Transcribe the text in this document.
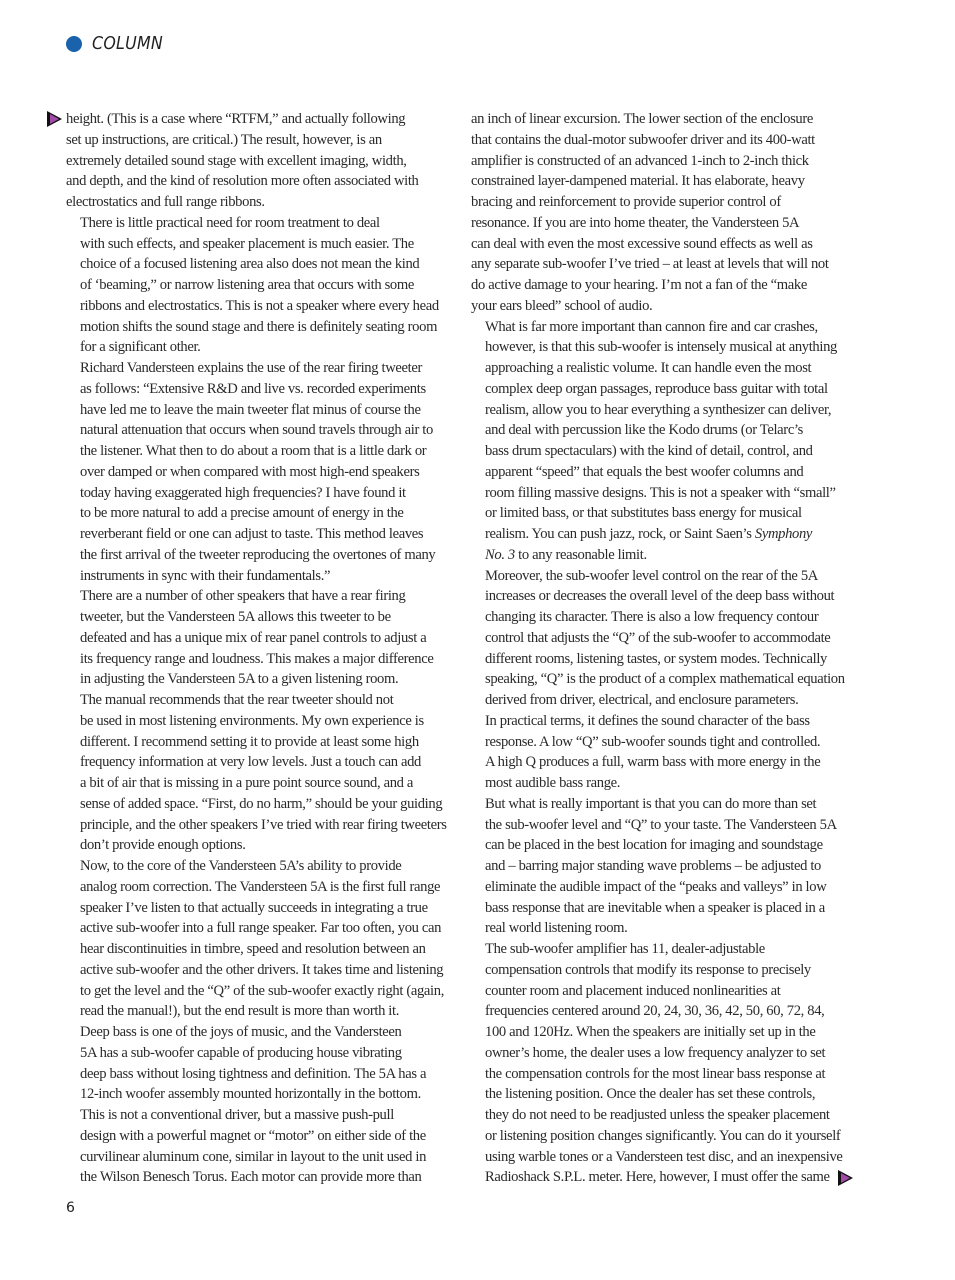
COLUMN

height. (This is a case where “RTFM,” and actually following
set up instructions, are critical.) The result, however, is an
extremely detailed sound stage with excellent imaging, width,
and depth, and the kind of resolution more often associated with
electrostatics and full range ribbons.

There is little practical need for room treatment to deal
with such effects, and speaker placement is much easier. The
choice of a focused listening area also does not mean the kind
of ‘beaming,” or narrow listening area that occurs with some
ribbons and electrostatics. This is not a speaker where every head
motion shifts the sound stage and there is definitely seating room
for a significant other.

Richard Vandersteen explains the use of the rear firing tweeter
as follows: “Extensive R&D and live vs. recorded experiments
have led me to leave the main tweeter flat minus of course the
natural attenuation that occurs when sound travels through air to
the listener. What then to do about a room that is a little dark or
over damped or when compared with most high-end speakers
today having exaggerated high frequencies? I have found it
to be more natural to add a precise amount of energy in the
reverberant field or one can adjust to taste. This method leaves
the first arrival of the tweeter reproducing the overtones of many
instruments in sync with their fundamentals.”

There are a number of other speakers that have a rear firing
tweeter, but the Vandersteen 5A allows this tweeter to be
defeated and has a unique mix of rear panel controls to adjust a
its frequency range and loudness. This makes a major difference
in adjusting the Vandersteen 5A to a given listening room.

The manual recommends that the rear tweeter should not
be used in most listening environments. My own experience is
different. I recommend setting it to provide at least some high
frequency information at very low levels. Just a touch can add
a bit of air that is missing in a pure point source sound, and a
sense of added space. “First, do no harm,” should be your guiding
principle, and the other speakers I’ve tried with rear firing tweeters
don’t provide enough options.

Now, to the core of the Vandersteen 5A’s ability to provide
analog room correction. The Vandersteen 5A is the first full range
speaker I’ve listen to that actually succeeds in integrating a true
active sub-woofer into a full range speaker. Far too often, you can
hear discontinuities in timbre, speed and resolution between an
active sub-woofer and the other drivers. It takes time and listening
to get the level and the “Q” of the sub-woofer exactly right (again,
read the manual!), but the end result is more than worth it.

Deep bass is one of the joys of music, and the Vandersteen
5A has a sub-woofer capable of producing house vibrating
deep bass without losing tightness and definition. The 5A has a
12-inch woofer assembly mounted horizontally in the bottom.
This is not a conventional driver, but a massive push-pull
design with a powerful magnet or “motor” on either side of the
curvilinear aluminum cone, similar in layout to the unit used in
the Wilson Benesch Torus. Each motor can provide more than

an inch of linear excursion. The lower section of the enclosure
that contains the dual-motor subwoofer driver and its 400-watt
amplifier is constructed of an advanced 1-inch to 2-inch thick
constrained layer-dampened material. It has elaborate, heavy
bracing and reinforcement to provide superior control of
resonance. If you are into home theater, the Vandersteen 5A
can deal with even the most excessive sound effects as well as
any separate sub-woofer I’ve tried – at least at levels that will not
do active damage to your hearing. I’m not a fan of the “make
your ears bleed” school of audio.

What is far more important than cannon fire and car crashes,
however, is that this sub-woofer is intensely musical at anything
approaching a realistic volume. It can handle even the most
complex deep organ passages, reproduce bass guitar with total
realism, allow you to hear everything a synthesizer can deliver,
and deal with percussion like the Kodo drums (or Telarc’s
bass drum spectaculars) with the kind of detail, control, and
apparent “speed” that equals the best woofer columns and
room filling massive designs. This is not a speaker with “small”
or limited bass, or that substitutes bass energy for musical
realism. You can push jazz, rock, or Saint Saen’s Symphony
No. 3 to any reasonable limit.

Moreover, the sub-woofer level control on the rear of the 5A
increases or decreases the overall level of the deep bass without
changing its character. There is also a low frequency contour
control that adjusts the “Q” of the sub-woofer to accommodate
different rooms, listening tastes, or system modes. Technically
speaking, “Q” is the product of a complex mathematical equation
derived from driver, electrical, and enclosure parameters.
In practical terms, it defines the sound character of the bass
response. A low “Q” sub-woofer sounds tight and controlled.
A high Q produces a full, warm bass with more energy in the
most audible bass range.

But what is really important is that you can do more than set
the sub-woofer level and “Q” to your taste. The Vandersteen 5A
can be placed in the best location for imaging and soundstage
and – barring major standing wave problems – be adjusted to
eliminate the audible impact of the “peaks and valleys” in low
bass response that are inevitable when a speaker is placed in a
real world listening room.

The sub-woofer amplifier has 11, dealer-adjustable
compensation controls that modify its response to precisely
counter room and placement induced nonlinearities at
frequencies centered around 20, 24, 30, 36, 42, 50, 60, 72, 84,
100 and 120Hz. When the speakers are initially set up in the
owner’s home, the dealer uses a low frequency analyzer to set
the compensation controls for the most linear bass response at
the listening position. Once the dealer has set these controls,
they do not need to be readjusted unless the speaker placement
or listening position changes significantly. You can do it yourself
using warble tones or a Vandersteen test disc, and an inexpensive
Radioshack S.P.L. meter. Here, however, I must offer the same

6
